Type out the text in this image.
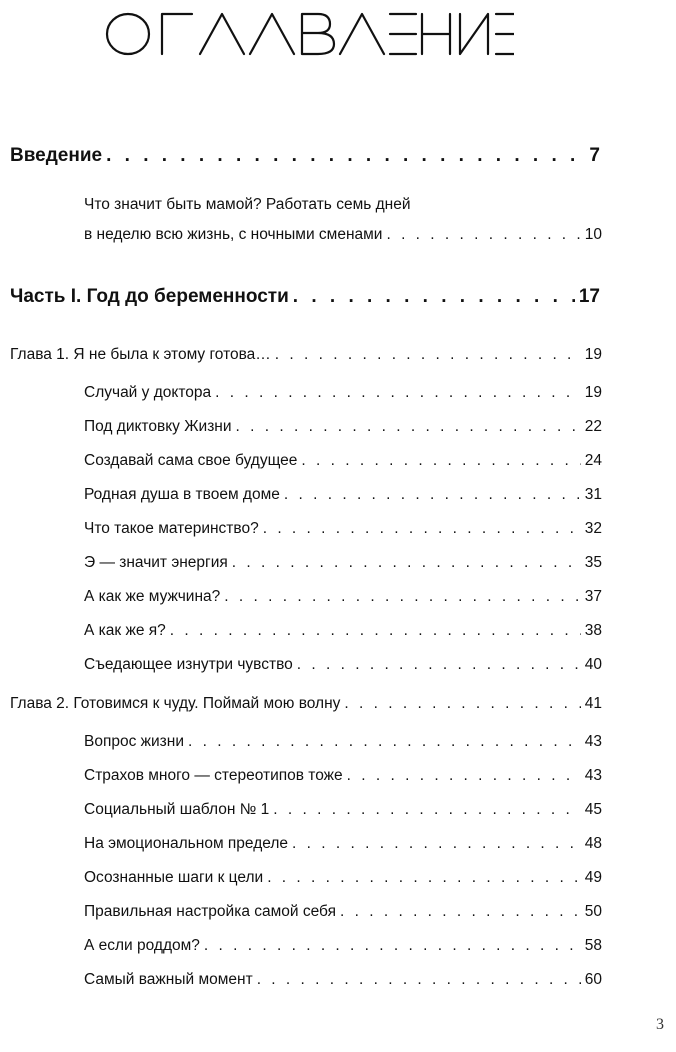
Введение . . .	7
Что значит быть мамой? Работать семь дней
в неделю всю жизнь, с ночными сменами . . .	10
Часть I. Год до беременности . . .	17
Глава 1. Я не была к этому готова… . . .	19
Случай у доктора . . .	19
Под диктовку Жизни . . .	22
Создавай сама свое будущее . . .	24
Родная душа в твоем доме . . .	31
Что такое материнство? . . .	32
Э — значит энергия . . .	35
А как же мужчина? . . .	37
А как же я? . . .	38
Съедающее изнутри чувство . . .	40
Глава 2. Готовимся к чуду. Поймай мою волну . . .	41
Вопрос жизни . . .	43
Страхов много — стереотипов тоже . . .	43
Социальный шаблон № 1 . . .	45
На эмоциональном пределе . . .	48
Осознанные шаги к цели . . .	49
Правильная настройка самой себя . . .	50
А если роддом? . . .	58
Самый важный момент . . .	60
3
